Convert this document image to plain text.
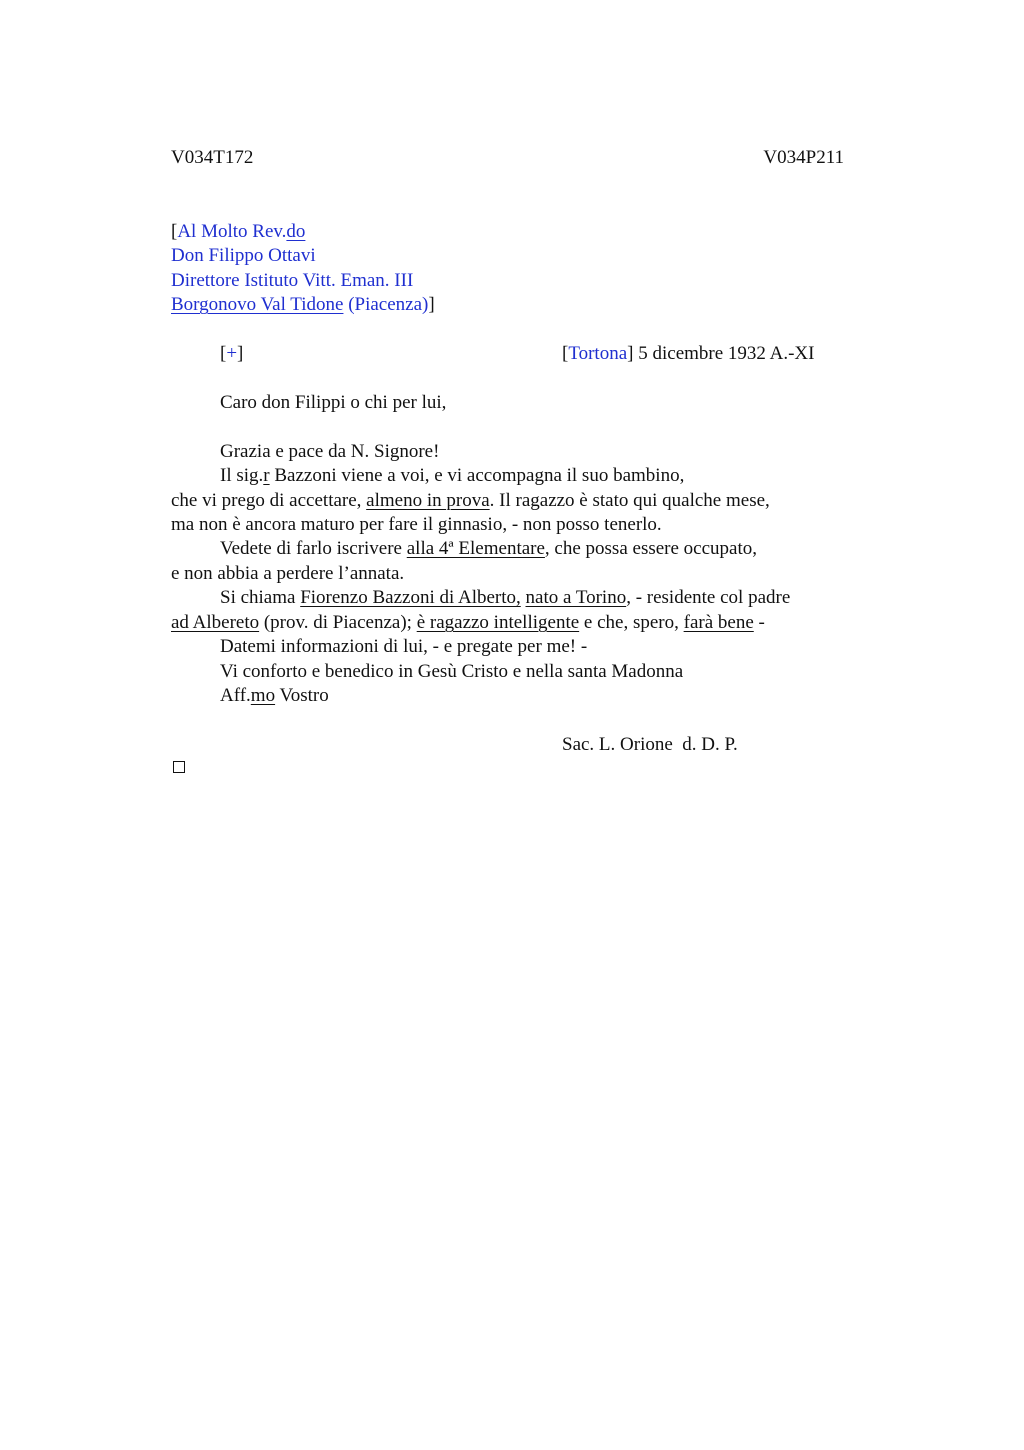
V034T172	V034P211
[Al Molto Rev.do
Don Filippo Ottavi
Direttore Istituto Vitt. Eman. III
Borgonovo Val Tidone (Piacenza)]
[+]	[Tortona] 5 dicembre 1932 A.-XI
Caro don Filippi o chi per lui,
Grazia e pace da N. Signore!
Il sig.r Bazzoni viene a voi, e vi accompagna il suo bambino,
che vi prego di accettare, almeno in prova. Il ragazzo è stato qui qualche mese,
ma non è ancora maturo per fare il ginnasio, - non posso tenerlo.
Vedete di farlo iscrivere alla 4ª Elementare, che possa essere occupato,
e non abbia a perdere l’annata.
Si chiama Fiorenzo Bazzoni di Alberto, nato a Torino, - residente col padre
ad Albereto (prov. di Piacenza); è ragazzo intelligente e che, spero, farà bene -
Datemi informazioni di lui, - e pregate per me! -
Vi conforto e benedico in Gesù Cristo e nella santa Madonna
Aff.mo Vostro
Sac. L. Orione  d. D. P.
